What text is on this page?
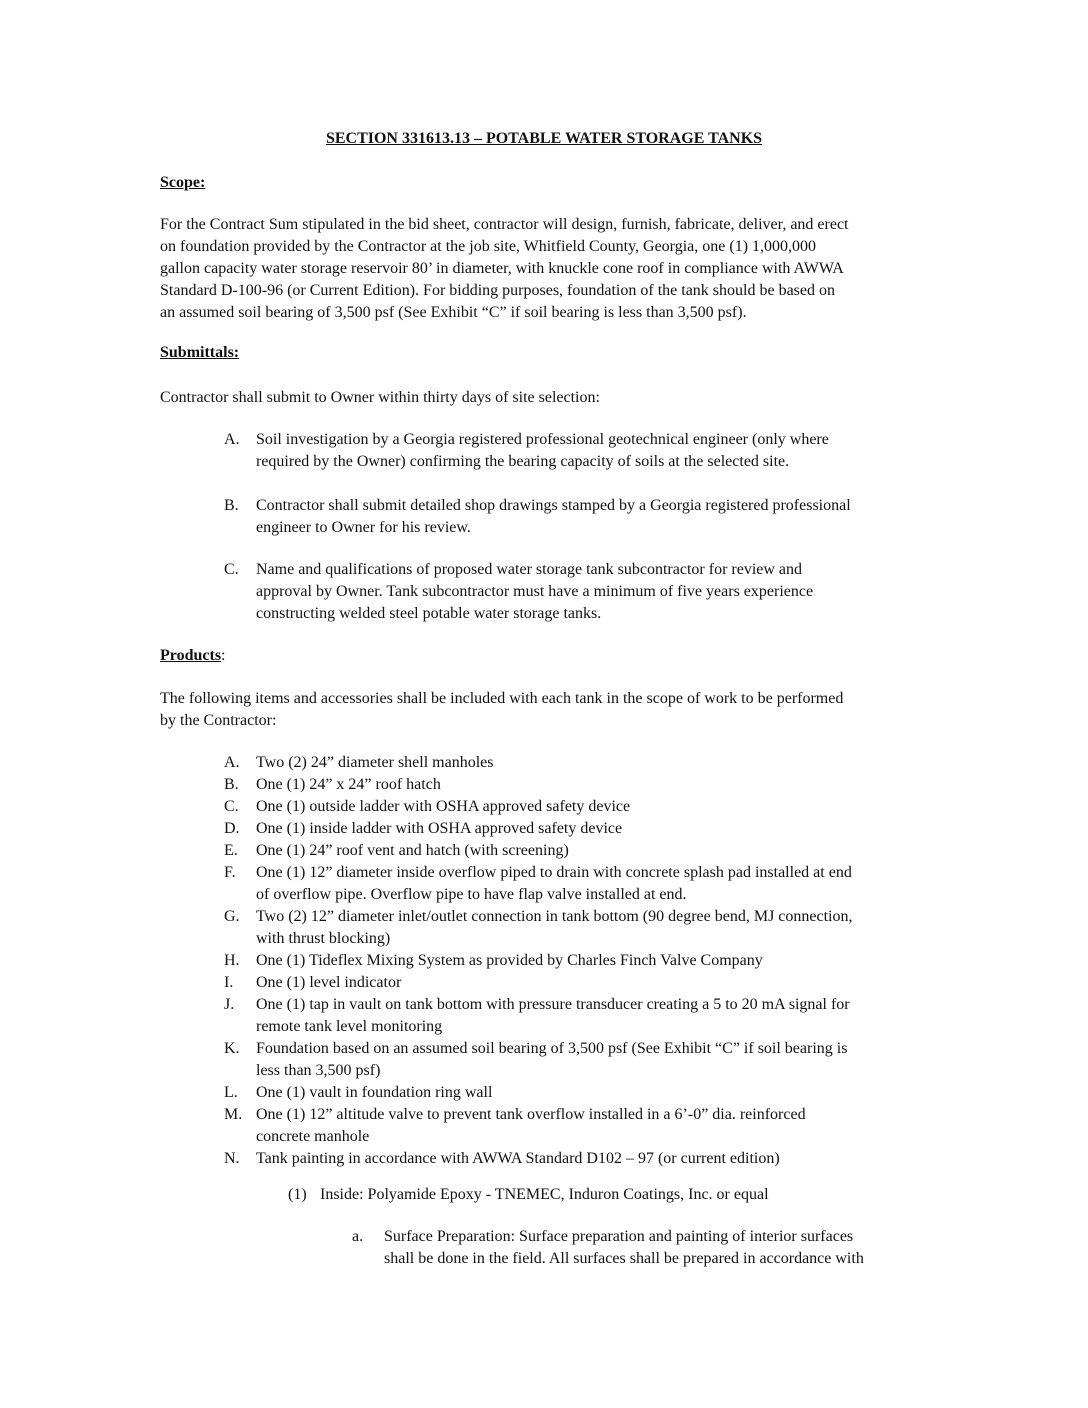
SECTION 331613.13 – POTABLE WATER STORAGE TANKS
Scope:

For the Contract Sum stipulated in the bid sheet, contractor will design, furnish, fabricate, deliver, and erect
on foundation provided by the Contractor at the job site, Whitfield County, Georgia, one (1) 1,000,000
gallon capacity water storage reservoir 80’ in diameter, with knuckle cone roof in compliance with AWWA
Standard D-100-96 (or Current Edition). For bidding purposes, foundation of the tank should be based on
an assumed soil bearing of 3,500 psf (See Exhibit “C” if soil bearing is less than 3,500 psf).

Submittals:

Contractor shall submit to Owner within thirty days of site selection:

A. Soil investigation by a Georgia registered professional geotechnical engineer (only where
required by the Owner) confirming the bearing capacity of soils at the selected site.
B. Contractor shall submit detailed shop drawings stamped by a Georgia registered professional
engineer to Owner for his review.
C. Name and qualifications of proposed water storage tank subcontractor for review and
approval by Owner. Tank subcontractor must have a minimum of five years experience
constructing welded steel potable water storage tanks.
Products:

The following items and accessories shall be included with each tank in the scope of work to be performed
by the Contractor:

A. Two (2) 24” diameter shell manholes
B. One (1) 24” x 24” roof hatch
C. One (1) outside ladder with OSHA approved safety device
D. One (1) inside ladder with OSHA approved safety device
E. One (1) 24” roof vent and hatch (with screening)
F. One (1) 12” diameter inside overflow piped to drain with concrete splash pad installed at end
of overflow pipe. Overflow pipe to have flap valve installed at end.
G. Two (2) 12” diameter inlet/outlet connection in tank bottom (90 degree bend, MJ connection,
with thrust blocking)
H. One (1) Tideflex Mixing System as provided by Charles Finch Valve Company
I. One (1) level indicator
J. One (1) tap in vault on tank bottom with pressure transducer creating a 5 to 20 mA signal for
remote tank level monitoring
K. Foundation based on an assumed soil bearing of 3,500 psf (See Exhibit “C” if soil bearing is
less than 3,500 psf)
L. One (1) vault in foundation ring wall
M. One (1) 12” altitude valve to prevent tank overflow installed in a 6’-0” dia. reinforced
concrete manhole
N. Tank painting in accordance with AWWA Standard D102 – 97 (or current edition)
(1) Inside: Polyamide Epoxy - TNEMEC, Induron Coatings, Inc. or equal
a. Surface Preparation: Surface preparation and painting of interior surfaces
shall be done in the field. All surfaces shall be prepared in accordance with
